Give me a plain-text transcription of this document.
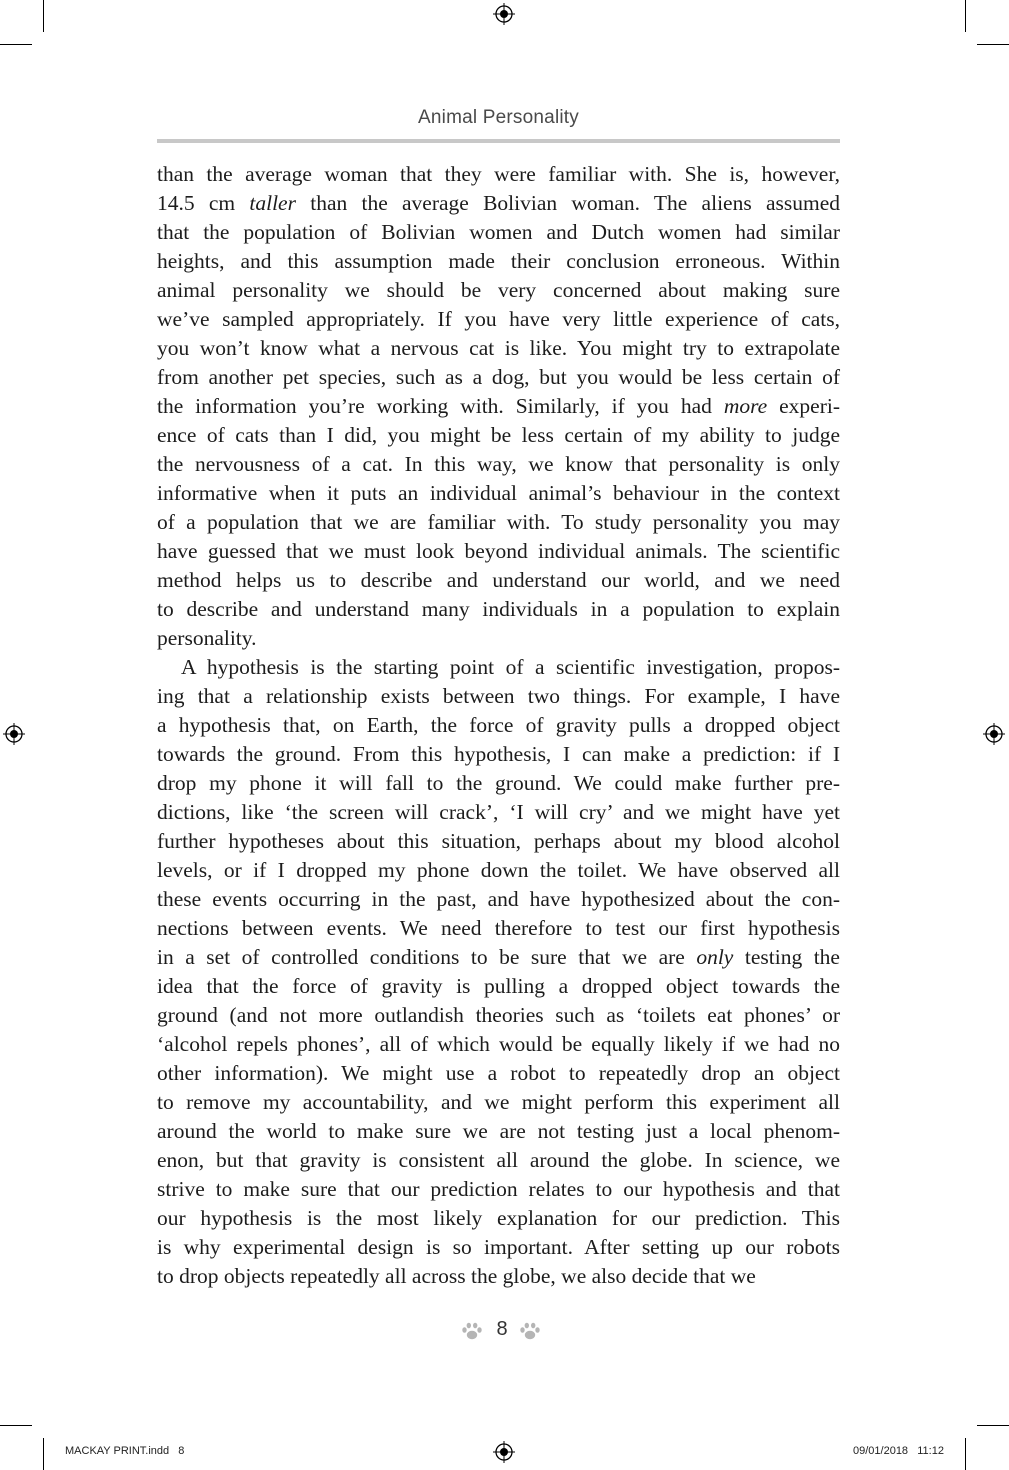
Animal Personality
than the average woman that they were familiar with. She is, however,
14.5 cm taller than the average Bolivian woman. The aliens assumed
that the population of Bolivian women and Dutch women had similar
heights, and this assumption made their conclusion erroneous. Within
animal personality we should be very concerned about making sure
we’ve sampled appropriately. If you have very little experience of cats,
you won’t know what a nervous cat is like. You might try to extrapolate
from another pet species, such as a dog, but you would be less certain of
the information you’re working with. Similarly, if you had more experi-
ence of cats than I did, you might be less certain of my ability to judge
the nervousness of a cat. In this way, we know that personality is only
informative when it puts an individual animal’s behaviour in the context
of a population that we are familiar with. To study personality you may
have guessed that we must look beyond individual animals. The scientific
method helps us to describe and understand our world, and we need
to describe and understand many individuals in a population to explain
personality.
A hypothesis is the starting point of a scientific investigation, propos-
ing that a relationship exists between two things. For example, I have
a hypothesis that, on Earth, the force of gravity pulls a dropped object
towards the ground. From this hypothesis, I can make a prediction: if I
drop my phone it will fall to the ground. We could make further pre-
dictions, like ‘the screen will crack’, ‘I will cry’ and we might have yet
further hypotheses about this situation, perhaps about my blood alcohol
levels, or if I dropped my phone down the toilet. We have observed all
these events occurring in the past, and have hypothesized about the con-
nections between events. We need therefore to test our first hypothesis
in a set of controlled conditions to be sure that we are only testing the
idea that the force of gravity is pulling a dropped object towards the
ground (and not more outlandish theories such as ‘toilets eat phones’ or
‘alcohol repels phones’, all of which would be equally likely if we had no
other information). We might use a robot to repeatedly drop an object
to remove my accountability, and we might perform this experiment all
around the world to make sure we are not testing just a local phenom-
enon, but that gravity is consistent all around the globe. In science, we
strive to make sure that our prediction relates to our hypothesis and that
our hypothesis is the most likely explanation for our prediction. This
is why experimental design is so important. After setting up our robots
to drop objects repeatedly all across the globe, we also decide that we
8
MACKAY PRINT.indd   8	09/01/2018   11:12
